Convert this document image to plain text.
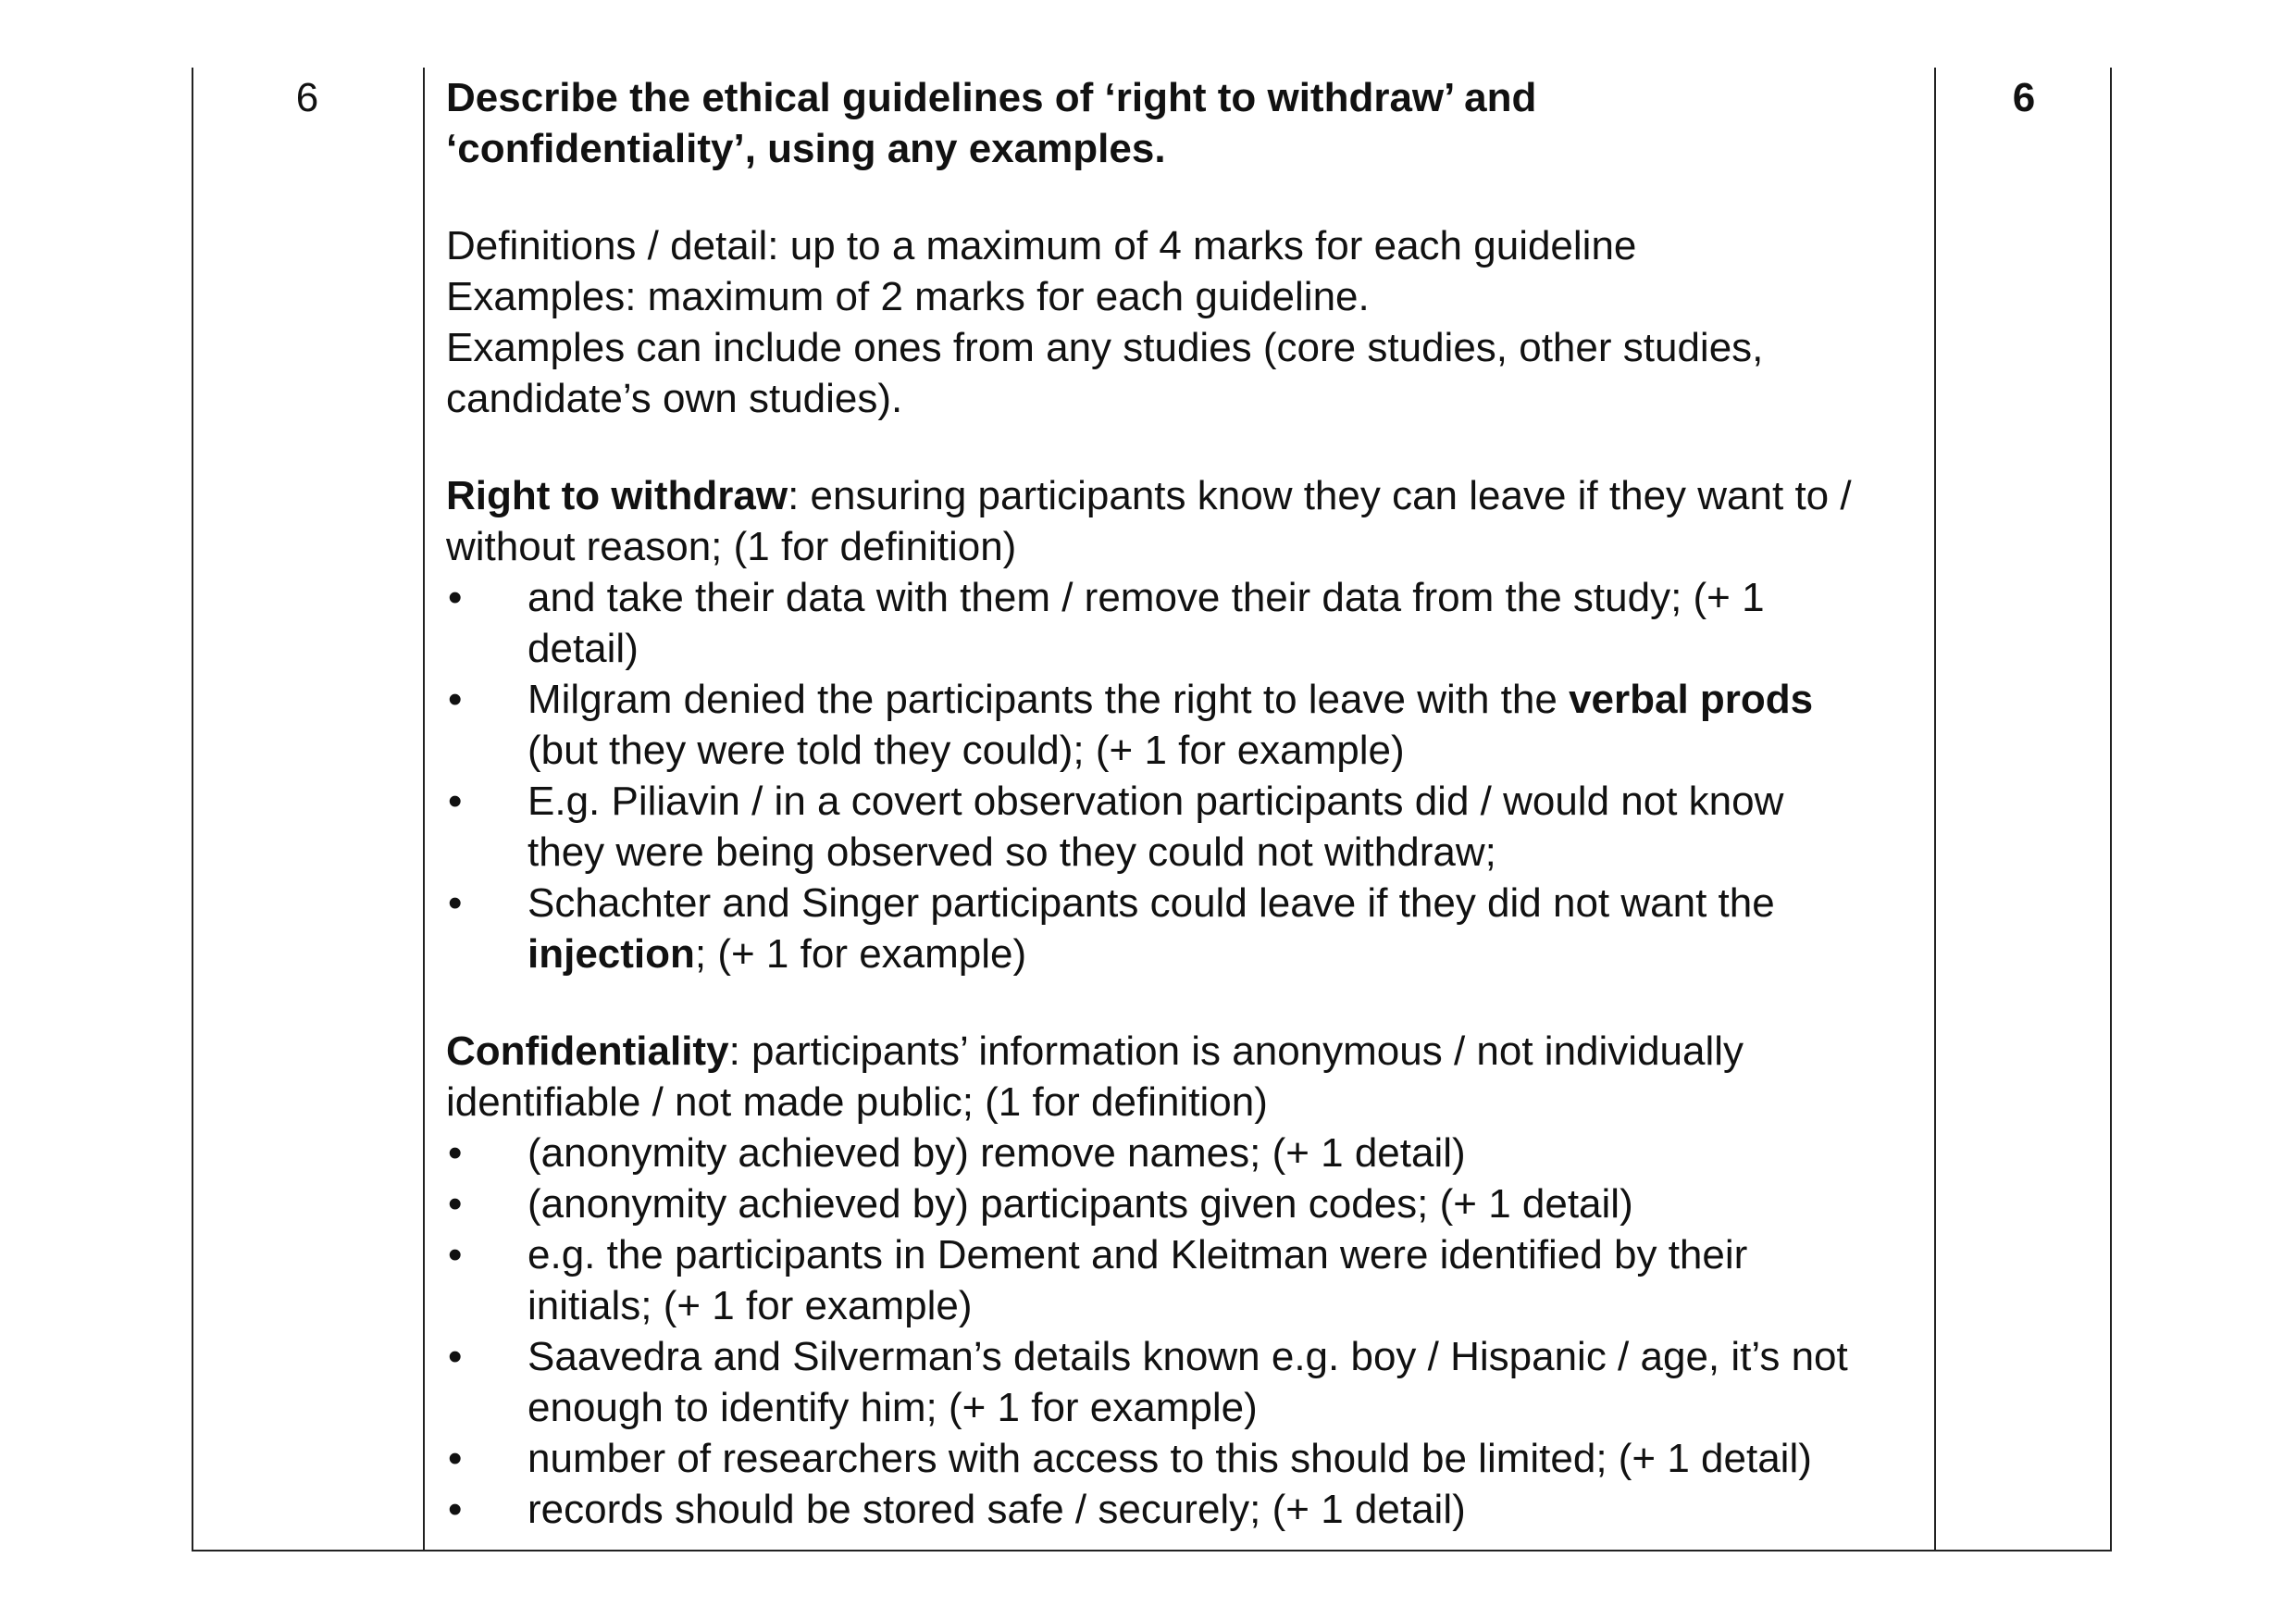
6	6

Describe the ethical guidelines of ‘right to withdraw’ and
‘confidentiality’, using any examples.

Definitions / detail: up to a maximum of 4 marks for each guideline
Examples: maximum of 2 marks for each guideline.
Examples can include ones from any studies (core studies, other studies,
candidate’s own studies).

Right to withdraw: ensuring participants know they can leave if they want to /
without reason; (1 for definition)

• and take their data with them / remove their data from the study; (+ 1
detail)
• Milgram denied the participants the right to leave with the verbal prods
(but they were told they could); (+ 1 for example)
• E.g. Piliavin / in a covert observation participants did / would not know
they were being observed so they could not withdraw;
• Schachter and Singer participants could leave if they did not want the
injection; (+ 1 for example)

Confidentiality: participants’ information is anonymous / not individually
identifiable / not made public; (1 for definition)

• (anonymity achieved by) remove names; (+ 1 detail)
• (anonymity achieved by) participants given codes; (+ 1 detail)
• e.g. the participants in Dement and Kleitman were identified by their
initials; (+ 1 for example)
• Saavedra and Silverman’s details known e.g. boy / Hispanic / age, it’s not
enough to identify him; (+ 1 for example)
• number of researchers with access to this should be limited; (+ 1 detail)
• records should be stored safe / securely; (+ 1 detail)
